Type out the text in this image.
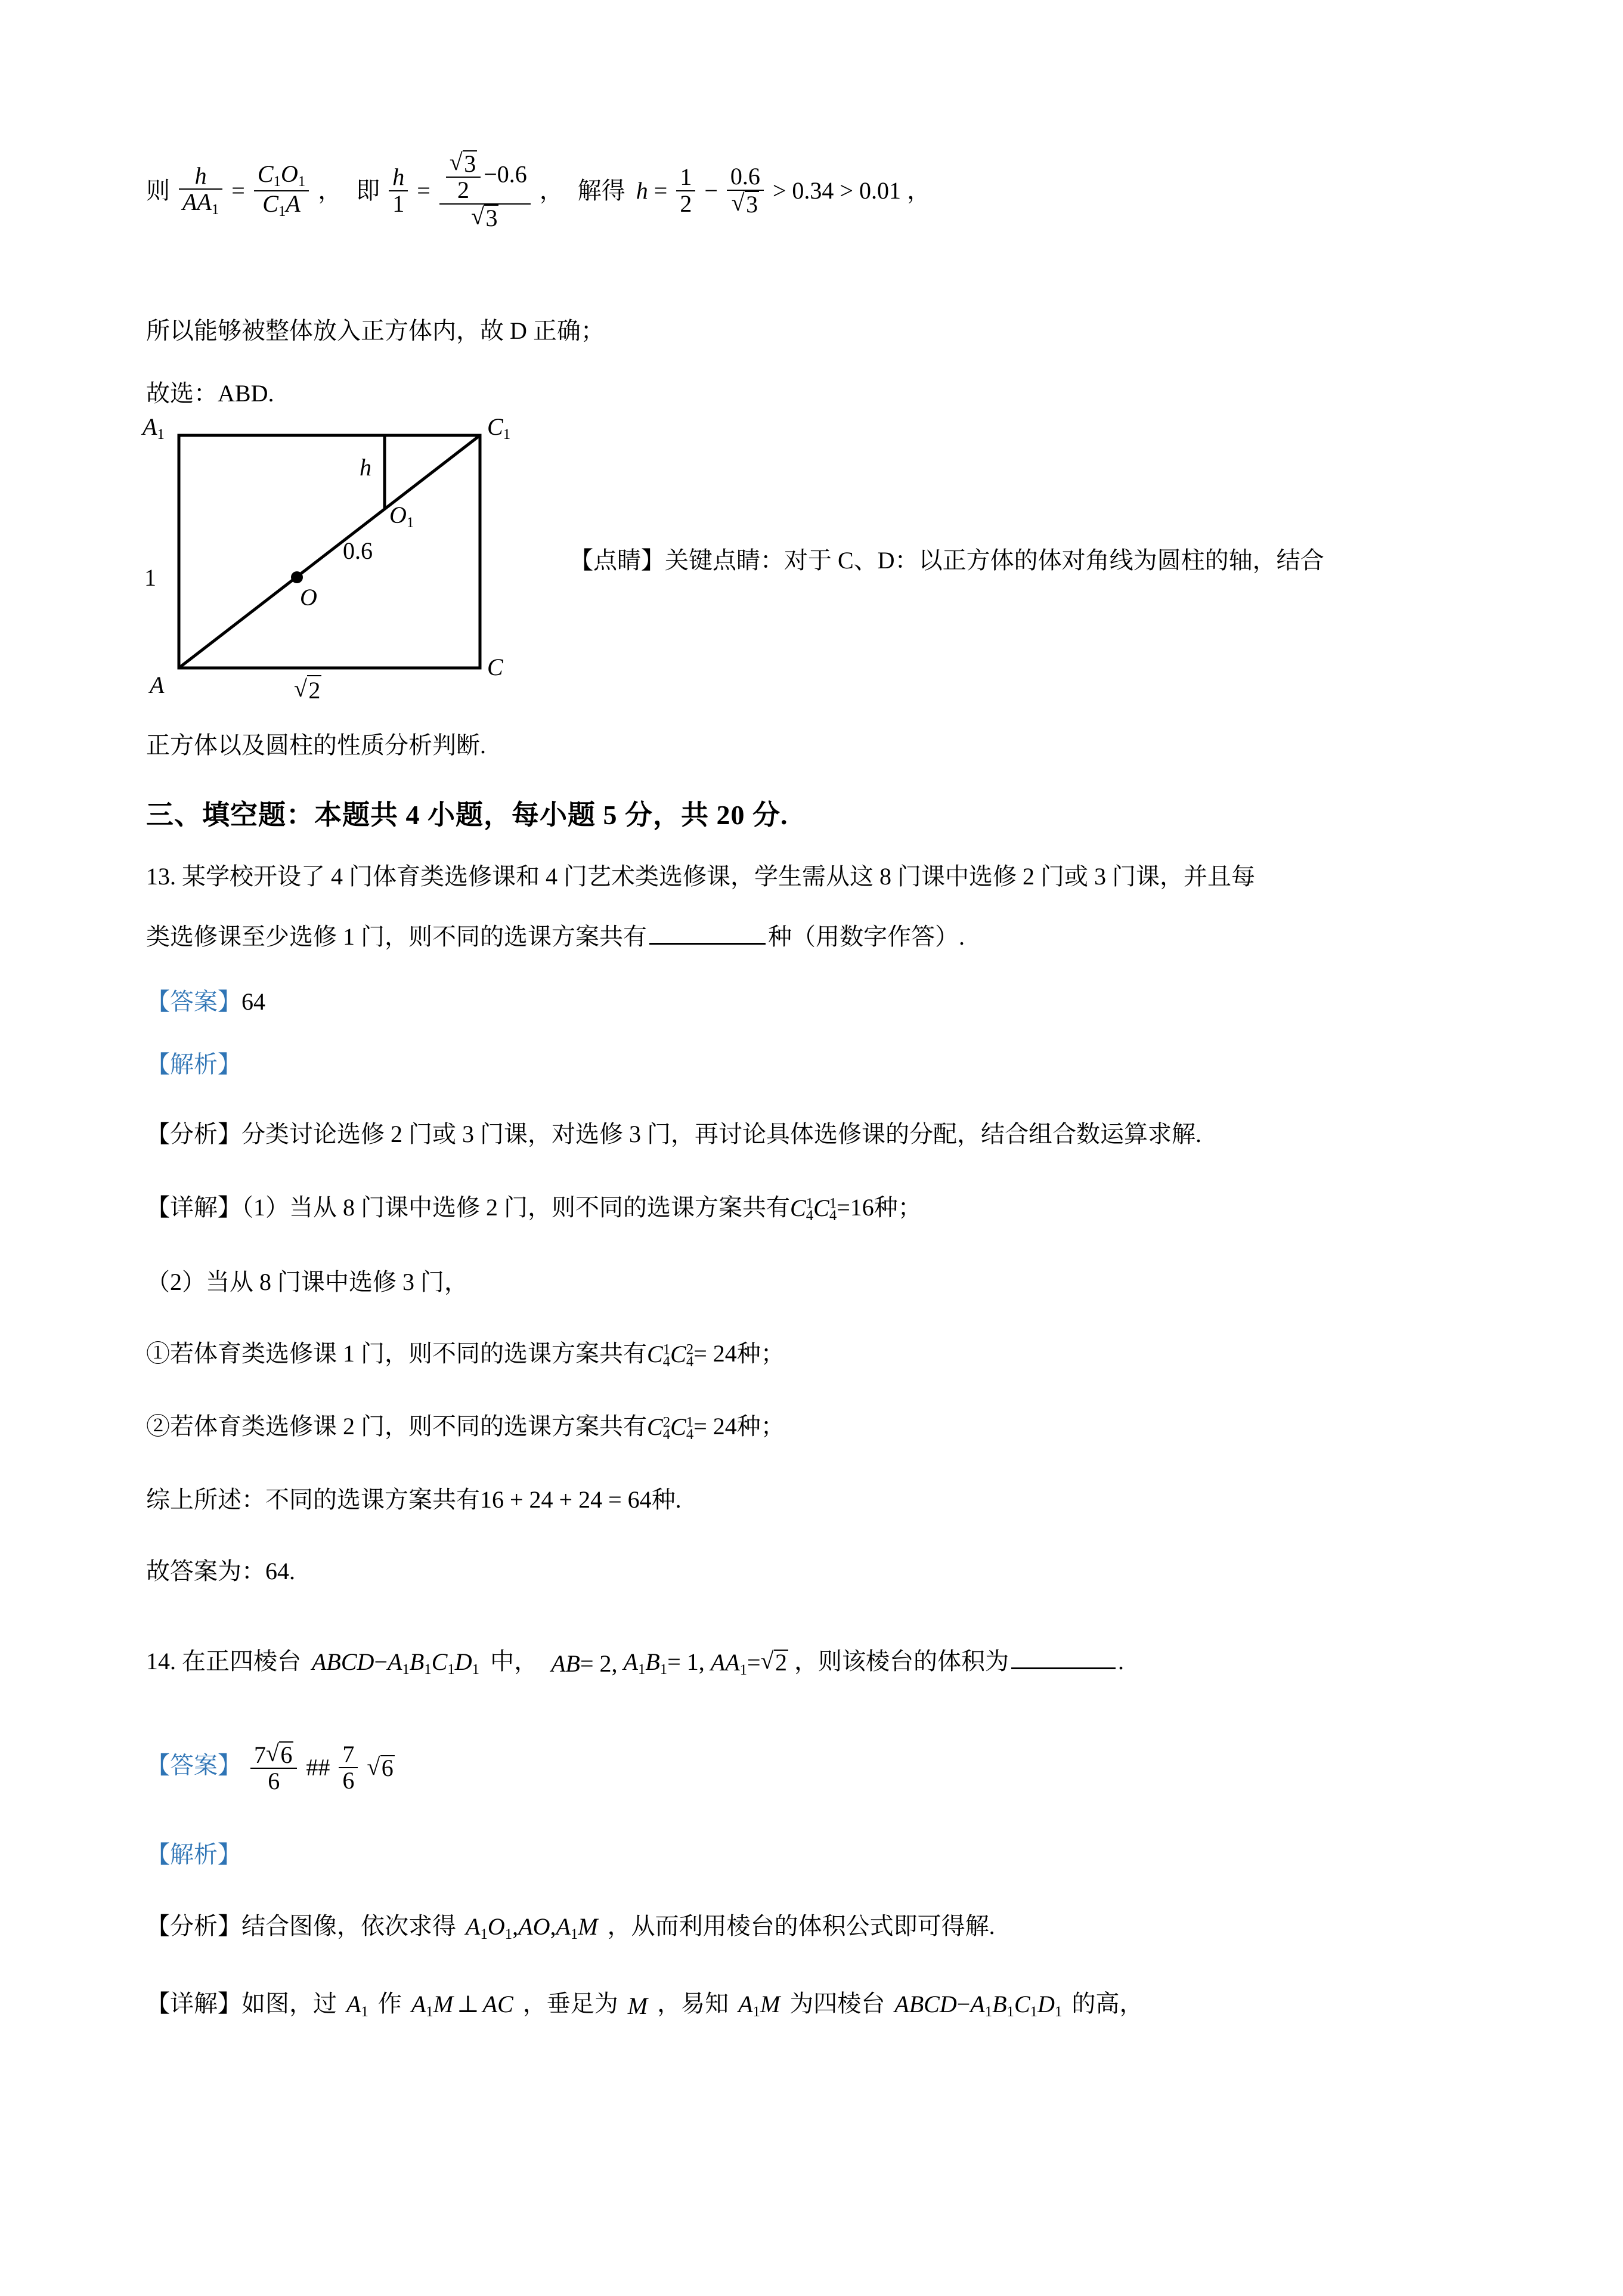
则 $\frac{h}{AA1} = \frac{C1O1}{C1A}$ ， 即 $\frac{h}{1} = \frac{\frac{√ 3}{2} -0.6}{√ 3}$ ， 解得 $h = \frac{1}{2} - \frac{0.6}{√ 3} > 0.34 > 0.01$ ，
所以能够被整体放入正方体内，故 D 正确；
故选：ABD.
A1	C1
A
C
O
h
O1
0.6
1
√ 2
【点睛】关键点睛：对于 C、D：以正方体的体对角线为圆柱的轴，结合
正方体以及圆柱的性质分析判断.
三、填空题：本题共 4 小题，每小题 5 分，共 20 分.
13. 某学校开设了 4 门体育类选修课和 4 门艺术类选修课，学生需从这 8 门课中选修 2 门或 3 门课，并且每
类选修课至少选修 1 门，则不同的选课方案共有	种（用数字作答）.
【答案】64
【解析】
【分析】分类讨论选修 2 门或 3 门课，对选修 3 门，再讨论具体选修课的分配，结合组合数运算求解.
【详解】（1）当从 8 门课中选修 2 门，则不同的选课方案共有$C^14C^14=16$种；
（2）当从 8 门课中选修 3 门，
①若体育类选修课 1 门，则不同的选课方案共有$C^14C^24= 24$种；
②若体育类选修课 2 门，则不同的选课方案共有$C^24C^14= 24$种；
综上所述：不同的选课方案共有16 + 24 + 24 = 64种.
故答案为：64.
14. 在正四棱台 ABCD−A1B1C1D1 中， AB= 2, A1B1= 1, AA1= √ 2 ，则该棱台的体积为	.
【答案】 $\frac{7 √ 6}{6}$ ## $\frac{7}{6}$
√ 6
【解析】
【分析】结合图像，依次求得 A1O1,AO,A1M ，从而利用棱台的体积公式即可得解.
【详解】如图，过 A1 作 A1M ⊥ AC ，垂足为 M ，易知 A1M 为四棱台 ABCD−A1B1C1D1 的高，
